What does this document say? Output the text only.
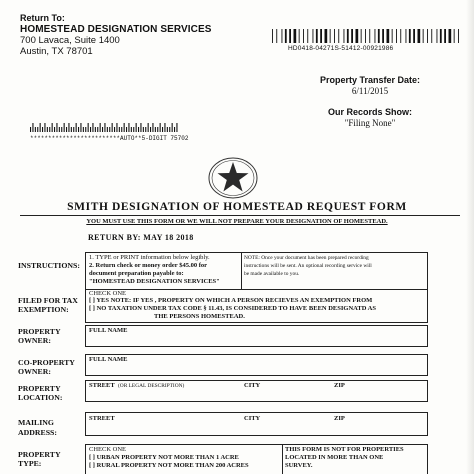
Return To:
HOMESTEAD DESIGNATION SERVICES
700 Lavaca, Suite 1400
Austin, TX 78701	HD0418-04271S-51412-00921986
Property Transfer Date:
6/11/2015
Our Records Show:
"Filing None"
*************************AUTO**5-DIGIT 75702
SMITH DESIGNATION OF HOMESTEAD REQUEST FORM
YOU MUST USE THIS FORM OR WE WILL NOT PREPARE YOUR DESIGNATION OF HOMESTEAD.
RETURN BY: MAY 18 2018
INSTRUCTIONS:
1. TYPE or PRINT information below legibly.
2. Return check or money order $45.00 for
document preparation payable to:
"HOMESTEAD DESIGNATION SERVICES"
NOTE: Once your document has been prepared recording
instructions will be sent. An optional recording service will
be made available to you.
FILED FOR TAX
EXEMPTION:
CHECK ONE
[ ] YES NOTE: IF YES , PROPERTY ON WHICH A PERSON RECIEVES AN EXEMPTION FROM
[ ] NO TAXATION UNDER TAX CODE § 11.43, IS CONSIDERED TO HAVE BEEN DESIGNATD AS
THE PERSONS HOMESTEAD.
PROPERTY
OWNER:
FULL NAME
CO-PROPERTY
OWNER:
FULL NAME
PROPERTY
LOCATION:
STREET (OR LEGAL DESCRIPTION)	CITY	ZIP
MAILING
ADDRESS:
STREET	CITY	ZIP
PROPERTY
TYPE:
CHECK ONE
[ ] URBAN PROPERTY NOT MORE THAN 1 ACRE
[ ] RURAL PROPERTY NOT MORE THAN 200 ACRES
THIS FORM IS NOT FOR PROPERTIES
LOCATED IN MORE THAN ONE
SURVEY.
